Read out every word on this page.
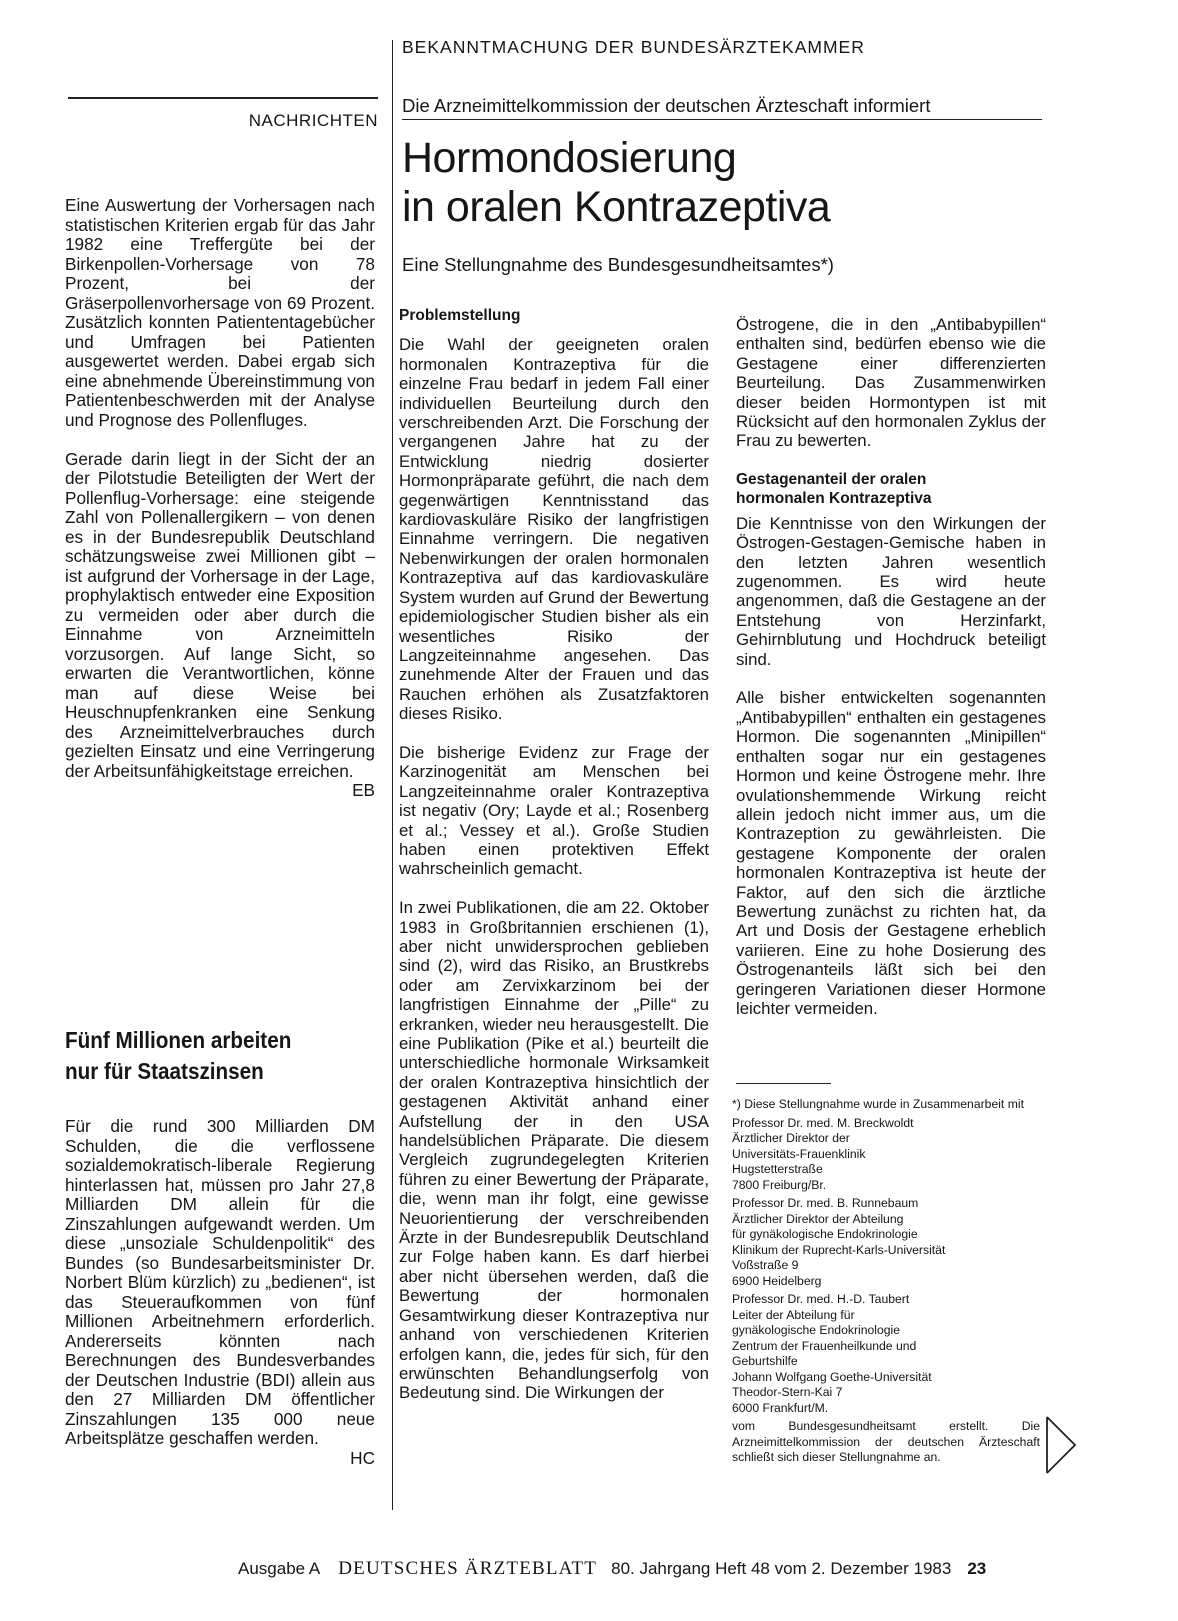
NACHRICHTEN

Eine Auswertung der Vorhersagen nach statistischen Kriterien ergab für das Jahr 1982 eine Treffergüte bei der Birkenpollen-Vorhersage von 78 Prozent, bei der Gräserpollenvorhersage von 69 Prozent. Zusätzlich konnten Patiententagebücher und Umfragen bei Patienten ausgewertet werden. Dabei ergab sich eine abnehmende Übereinstimmung von Patientenbeschwerden mit der Analyse und Prognose des Pollenfluges.

Gerade darin liegt in der Sicht der an der Pilotstudie Beteiligten der Wert der Pollenflug-Vorhersage: eine steigende Zahl von Pollenallergikern – von denen es in der Bundesrepublik Deutschland schätzungsweise zwei Millionen gibt – ist aufgrund der Vorhersage in der Lage, prophylaktisch entweder eine Exposition zu vermeiden oder aber durch die Einnahme von Arzneimitteln vorzusorgen. Auf lange Sicht, so erwarten die Verantwortlichen, könne man auf diese Weise bei Heuschnupfenkranken eine Senkung des Arzneimittelverbrauches durch gezielten Einsatz und eine Verringerung der Arbeitsunfähigkeitstage erreichen.

EB
Fünf Millionen arbeiten
nur für Staatszinsen

Für die rund 300 Milliarden DM Schulden, die die verflossene sozialdemokratisch-liberale Regierung hinterlassen hat, müssen pro Jahr 27,8 Milliarden DM allein für die Zinszahlungen aufgewandt werden. Um diese „unsoziale Schuldenpolitik“ des Bundes (so Bundesarbeitsminister Dr. Norbert Blüm kürzlich) zu „bedienen“, ist das Steueraufkommen von fünf Millionen Arbeitnehmern erforderlich. Andererseits könnten nach Berechnungen des Bundesverbandes der Deutschen Industrie (BDI) allein aus den 27 Milliarden DM öffentlicher Zinszahlungen 135 000 neue Arbeitsplätze geschaffen werden.

HC
BEKANNTMACHUNG DER BUNDESÄRZTEKAMMER
Die Arzneimittelkommission der deutschen Ärzteschaft informiert
Hormondosierung
in oralen Kontrazeptiva
Eine Stellungnahme des Bundesgesundheitsamtes*)
Problemstellung

Die Wahl der geeigneten oralen hormonalen Kontrazeptiva für die einzelne Frau bedarf in jedem Fall einer individuellen Beurteilung durch den verschreibenden Arzt. Die Forschung der vergangenen Jahre hat zu der Entwicklung niedrig dosierter Hormonpräparate geführt, die nach dem gegenwärtigen Kenntnisstand das kardiovaskuläre Risiko der langfristigen Einnahme verringern. Die negativen Nebenwirkungen der oralen hormonalen Kontrazeptiva auf das kardiovaskuläre System wurden auf Grund der Bewertung epidemiologischer Studien bisher als ein wesentliches Risiko der Langzeiteinnahme angesehen. Das zunehmende Alter der Frauen und das Rauchen erhöhen als Zusatzfaktoren dieses Risiko.

Die bisherige Evidenz zur Frage der Karzinogenität am Menschen bei Langzeiteinnahme oraler Kontrazeptiva ist negativ (Ory; Layde et al.; Rosenberg et al.; Vessey et al.). Große Studien haben einen protektiven Effekt wahrscheinlich gemacht.

In zwei Publikationen, die am 22. Oktober 1983 in Großbritannien erschienen (1), aber nicht unwidersprochen geblieben sind (2), wird das Risiko, an Brustkrebs oder am Zervixkarzinom bei der langfristigen Einnahme der „Pille“ zu erkranken, wieder neu herausgestellt. Die eine Publikation (Pike et al.) beurteilt die unterschiedliche hormonale Wirksamkeit der oralen Kontrazeptiva hinsichtlich der gestagenen Aktivität anhand einer Aufstellung der in den USA handelsüblichen Präparate. Die diesem Vergleich zugrundegelegten Kriterien führen zu einer Bewertung der Präparate, die, wenn man ihr folgt, eine gewisse Neuorientierung der verschreibenden Ärzte in der Bundesrepublik Deutschland zur Folge haben kann. Es darf hierbei aber nicht übersehen werden, daß die Bewertung der hormonalen Gesamtwirkung dieser Kontrazeptiva nur anhand von verschiedenen Kriterien erfolgen kann, die, jedes für sich, für den erwünschten Behandlungserfolg von Bedeutung sind. Die Wirkungen der

Östrogene, die in den „Antibabypillen“ enthalten sind, bedürfen ebenso wie die Gestagene einer differenzierten Beurteilung. Das Zusammenwirken dieser beiden Hormontypen ist mit Rücksicht auf den hormonalen Zyklus der Frau zu bewerten.

Gestagenanteil der oralen
hormonalen Kontrazeptiva

Die Kenntnisse von den Wirkungen der Östrogen-Gestagen-Gemische haben in den letzten Jahren wesentlich zugenommen. Es wird heute angenommen, daß die Gestagene an der Entstehung von Herzinfarkt, Gehirnblutung und Hochdruck beteiligt sind.

Alle bisher entwickelten sogenannten „Antibabypillen“ enthalten ein gestagenes Hormon. Die sogenannten „Minipillen“ enthalten sogar nur ein gestagenes Hormon und keine Östrogene mehr. Ihre ovulationshemmende Wirkung reicht allein jedoch nicht immer aus, um die Kontrazeption zu gewährleisten. Die gestagene Komponente der oralen hormonalen Kontrazeptiva ist heute der Faktor, auf den sich die ärztliche Bewertung zunächst zu richten hat, da Art und Dosis der Gestagene erheblich variieren. Eine zu hohe Dosierung des Östrogenanteils läßt sich bei den geringeren Variationen dieser Hormone leichter vermeiden.

*) Diese Stellungnahme wurde in Zusammenarbeit mit
Professor Dr. med. M. Breckwoldt
Ärztlicher Direktor der
Universitäts-Frauenklinik
Hugstetterstraße
7800 Freiburg/Br.
Professor Dr. med. B. Runnebaum
Ärztlicher Direktor der Abteilung
für gynäkologische Endokrinologie
Klinikum der Ruprecht-Karls-Universität
Voßstraße 9
6900 Heidelberg
Professor Dr. med. H.-D. Taubert
Leiter der Abteilung für
gynäkologische Endokrinologie
Zentrum der Frauenheilkunde und
Geburtshilfe
Johann Wolfgang Goethe-Universität
Theodor-Stern-Kai 7
6000 Frankfurt/M.
vom Bundesgesundheitsamt erstellt. Die Arzneimittelkommission der deutschen Ärzteschaft schließt sich dieser Stellungnahme an.
Ausgabe A DEUTSCHES ÄRZTEBLATT 80. Jahrgang Heft 48 vom 2. Dezember 1983 23
